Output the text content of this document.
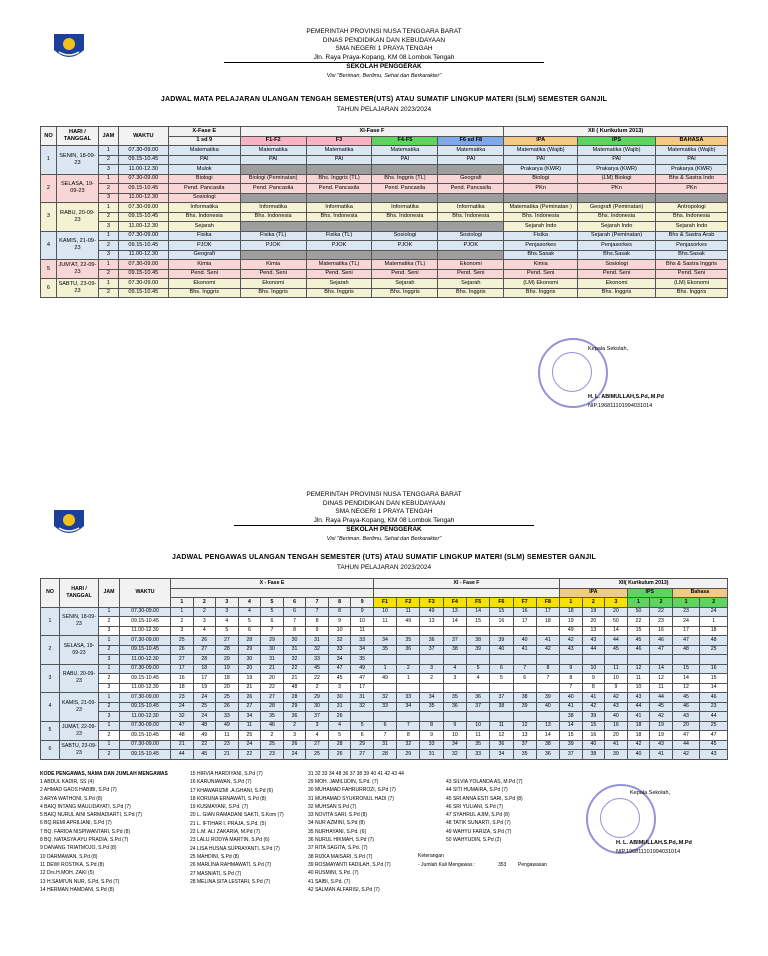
PEMERINTAH PROVINSI NUSA TENGGARA BARAT
DINAS PENDIDIKAN DAN KEBUDAYAAN
SMA NEGERI 1 PRAYA TENGAH
Jln. Raya Praya-Kopang, KM 08 Lombok Tengah
SEKOLAH PENGGERAK
Visi "Beriman, Berilmu, Sehat dan Berkarakter"
JADWAL MATA PELAJARAN ULANGAN TENGAH SEMESTER(UTS) ATAU SUMATIF LINGKUP MATERI (SLM) SEMESTER GANJIL
TAHUN PELAJARAN 2023/2024
NO	HARI / TANGGAL	JAM	WAKTU	X-Fase E	XI-Fase F				XII ( Kurikulum 2013)		
				1 sd 9	F1-F2	F3	F4-F5	F6 sd F8	IPA	IPS	BAHASA
1	SENIN, 18-09-23	1	07.30-09.00	Matematika	Matematika	Matematika	Matematika	Matematika	Matematika (Wajib)	Matematika (Wajib)	Matematika (Wajib)
		2	09.15-10.45	PAI	PAI	PAI	PAI	PAI	PAI	PAI	PAI
		3	11.00-12.30	Mulok					Prakarya (KWR)	Prakarya (KWR)	Prakarya (KWR)
2	SELASA, 19-09-23	1	07.30-09.00	Biologi	Biologi (Peminatan)	Bhs. Inggris (TL)	Bhs. Inggris (TL)	Geografi	Biologi	(LM) Biologi	Bhs & Sastra Indo
		2	09.15-10.45	Pend. Pancasila	Pend. Pancasila	Pend. Pancasila	Pend. Pancasila	Pend. Pancasila	PKn	PKn	PKn
		3	11.00-12.30	Sosiologi							
3	RABU, 20-09-23	1	07.30-09.00	Informatika	Informatika	Informatika	Informatika	Informatika	Matematika (Peminatan )	Geografi (Peminatan)	Antropologi
		2	09.15-10.45	Bhs. Indonesia	Bhs. Indonesia	Bhs. Indonesia	Bhs. Indonesia	Bhs. Indonesia	Bhs. Indonesia	Bhs. Indonesia	Bhs. Indonesia
		3	11.00-12.30	Sejarah					Sejarah Indo	Sejarah Indo	Sejarah Indo
4	KAMIS, 21-09-23	1	07.30-09.00	Fisika	Fisika (TL)	Fisika (TL)	Sosiologi	Sosiologi	Fisika	Sejarah (Peminatan)	Bhs & Sastra Arab
		2	09.15-10.45	PJOK	PJOK	PJOK	PJOK	PJOK	Penjasorkes	Penjasorkes	Penjasorkes
		3	11.00-12.30	Geografi					Bhs.Sasak	Bhs.Sasak	Bhs.Sasak
5	JUM'AT, 22-09-23	1	07.30-09.00	Kimia	Kimia	Matematika (TL)	Matematika (TL)	Ekonomi	Kimia	Sosiologi	Bhs & Sastra Inggris
		2	09.15-10.45	Pend. Seni	Pend. Seni	Pend. Seni	Pend. Seni	Pend. Seni	Pend. Seni	Pend. Seni	Pend. Seni
6	SABTU, 23-09-23	1	07.30-09.00	Ekonomi	Ekonomi	Sejarah	Sejarah	Sejarah	(LM) Ekonomi	Ekonomi	(LM) Ekonomi
		2	09.15-10.45	Bhs. Inggris	Bhs. Inggris	Bhs. Inggris	Bhs. Inggris	Bhs. Inggris	Bhs. Inggris	Bhs. Inggris	Bhs. Inggris
Kepala Sekolah,
H. L. ABIMULLAH,S.Pd,.M.Pd
NIP.196811101994031014
PEMERINTAH PROVINSI NUSA TENGGARA BARAT
DINAS PENDIDIKAN DAN KEBUDAYAAN
SMA NEGERI 1 PRAYA TENGAH
Jln. Raya Praya-Kopang, KM 08 Lombok Tengah
SEKOLAH PENGGERAK
Visi "Beriman, Berilmu, Sehat dan Berkarakter"
JADWAL PENGAWAS ULANGAN TENGAH SEMESTER (UTS) ATAU SUMATIF LINGKUP MATERI (SLM) SEMESTER GANJIL
TAHUN PELAJARAN 2023/2024
NO	HARI / TANGGAL	JAM	WAKTU	X - Fase E									XI - Fase F								XII( Kurikulum 2013)						
																					IPA			IPS		Bahasa	
				1	2	3	4	5	6	7	8	9	F1	F2	F3	F4	F5	F6	F7	F8	1	2	3	1	2	1	2
1	SENIN, 18-09-23	1	07.30-09.00	1	2	3	4	5	6	7	8	9	10	11	49	13	14	15	16	17	18	19	20	50	22	23	24
		2	09.15-10.45	2	3	4	5	6	7	8	9	10	11	49	13	14	15	16	17	18	19	20	50	22	23	24	1
		3	11.00-12.30	3	4	5	6	7	8	9	10	11									49	13	14	15	16	17	18
2	SELASA, 19-09-23	1	07.30-09.00	25	26	27	28	29	30	31	32	33	34	35	36	37	38	39	40	41	42	43	44	45	46	47	48
		2	09.15-10.45	26	27	28	29	30	31	32	33	34	35	36	37	38	39	40	41	42	43	44	45	46	47	48	25
		3	11.00-12.30	27	28	29	30	31	32	33	34	35															
3	RABU, 20-09-23	1	07.30-09.00	17	18	19	20	21	22	45	47	49	1	2	3	4	5	6	7	8	9	10	11	12	14	15	16
		2	09.15-10.45	16	17	18	19	20	21	22	45	47	49	1	2	3	4	5	6	7	8	9	10	11	12	14	15
		3	11.00-12.30	18	19	20	21	22	48	2	3	17									7	8	9	10	11	12	14
4	KAMIS, 21-09-23	1	07.30-09.00	23	24	25	26	27	28	29	30	31	32	33	34	35	36	37	38	39	40	41	42	43	44	45	46
		2	09.15-10.45	24	25	26	27	28	29	30	31	32	33	34	35	36	37	38	39	40	41	42	43	44	45	46	23
		3	11.00-12.30	32	24	33	34	35	36	37	26										38	39	40	41	42	43	44
5	JUMAT, 22-09-23	1	07.30-09.00	47	48	49	11	46	2	3	4	5	6	7	8	9	10	11	12	13	14	15	16	18	19	20	25
		2	09.15-10.45	48	49	11	25	2	3	4	5	6	7	8	9	10	11	12	13	14	15	16	20	18	19	47	47
6	SABTU, 23-09-23	1	07.30-09.00	21	22	23	24	25	26	27	28	29	31	32	33	34	35	36	37	38	39	40	41	42	43	44	45
		2	09.15-10.45	44	45	21	22	23	24	25	26	27	28	29	31	32	33	34	35	36	37	38	39	40	41	42	43
KODE PENGAWAS, NAMA DAN JUMLAH MENGAWAS
1 ABDUL KADIR, SS (4)
2 AHMAD GAOS HABIBI, S.Pd (7)
3 ARYA WATHONI, S.Pd (8)
4 BAIQ INTANG MAULIDAYATI, S.Pd (7)
5 BAIQ NURUL AINI SARMADIARTI, S.Pd (7)
6 BQ.REMI APRILIANI, S.Pd (7)
7 BQ. FARIDA NISPIWANTARI, S.Pd (8)
8 BQ. NATASYA AYU PRADIA, S.Pd (7)
9 DANANG TRIATMOJO, S.Pd (8)
10 DARMAWAN, S.Pd (8)
11 DEWI ROSTIKA, S.Pd (8)
12 Drs.H.MOH. ZAKI (5)
13 H.SAMI'UN NUR, S.Pd, S.Pd (7)
14 HERMAN HAMDANI, S.Pd (8)
15 HIRVIA HARDIYANI, S.Pd (7)
16 KARUNIAWAN, S.Pd (7)
17 KHAWARIZMI .A.GHANI, S.Pd (6)
18 KORUNA ERNAWATI, S.Pd (8)
19 KUSMAYANI, S.Pd. (7)
20 L. GIAN RAMADANI SAKTI, S.Kom (7)
21 L. IFTIHAR I. PRAJA, S.Pd. (5)
22 L.M. ALI ZAKARIA, M.Pd (7)
23 LALU RODYA MARTIN, S.Pd (6)
24 LISA HUSNA SUPRAYANTI, S.Pd (7)
25 MAHDINI, S.Pd (8)
26 MARLINA RAHMAWATI, S.Pd (7)
27 MASNIATI, S.Pd (7)
28 MELINA SITA LESTARI, S.Pd (7)
31 32 33 34 48 36 37 38 39 40 41 42 43 44
29 MOH. JAMILUDIN, S.Pd. (7)
30 MUHAMAD FAHRURROZI, S.Pd (7)
31 MUHAMAD SYUKRONUL HADI (7)
32 MUHSAN S.Pd (7)
33 NOVITA SARI, S.Pd (8)
34 NUR AZMINI, S.Pd (8)
35 NURHAYANI, S.Pd. (6)
36 NURUL HIKMAH, S.Pd (7)
37 RITA SAGITA, S.Pd. (7)
38 RIZKA MAISARI, S.Pd (7)
39 ROSMAYANTI FADILAH, S.Pd (7)
40 RUSMINI, S.Pd. (7)
41 SAIBI, S.Pd. (7)
42 SALMAN ALFARISI, S.Pd (7)
43 SILVIA YOLANDA AS, M.Pd (7)
44 SITI HUMAIRA, S.Pd (7)
45 SRI ANNA ESTI SARI, S.Pd (8)
46 SRI YULIANI, S.Pd (7)
47 SYAHRUL AJIM, S.Pd (8)
48 TATIK SUNARTI, S.Pd (7)
49 WAHYU FARIZA, S.Pd (7)
50 WAHYUDIN, S.Pd (2)
Keterangan
- Jumlah Kali Mengawas :	353 Pengawasan
Kepala Sekolah,
H. L. ABIMULLAH,S.Pd,.M.Pd
NIP.196811101994031014
